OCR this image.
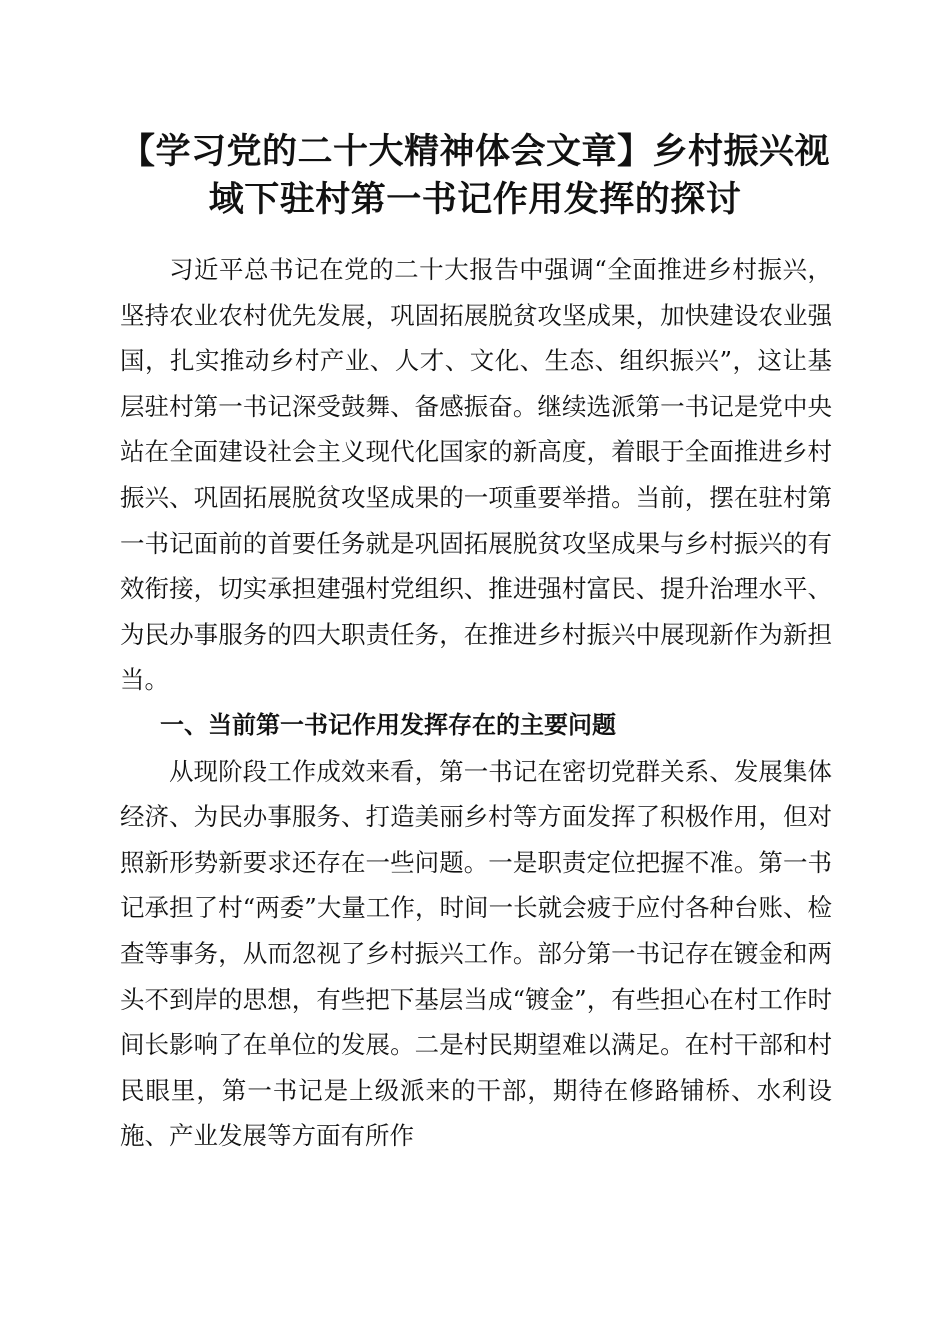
【学习党的二十大精神体会文章】乡村振兴视
域下驻村第一书记作用发挥的探讨

习近平总书记在党的二十大报告中强调“全面推进乡村振兴，坚持农业农村优先发展，巩固拓展脱贫攻坚成果，加快建设农业强国，扎实推动乡村产业、人才、文化、生态、组织振兴”，这让基层驻村第一书记深受鼓舞、备感振奋。继续选派第一书记是党中央站在全面建设社会主义现代化国家的新高度，着眼于全面推进乡村振兴、巩固拓展脱贫攻坚成果的一项重要举措。当前，摆在驻村第一书记面前的首要任务就是巩固拓展脱贫攻坚成果与乡村振兴的有效衔接，切实承担建强村党组织、推进强村富民、提升治理水平、为民办事服务的四大职责任务，在推进乡村振兴中展现新作为新担当。

一、当前第一书记作用发挥存在的主要问题

从现阶段工作成效来看，第一书记在密切党群关系、发展集体经济、为民办事服务、打造美丽乡村等方面发挥了积极作用，但对照新形势新要求还存在一些问题。一是职责定位把握不准。第一书记承担了村“两委”大量工作，时间一长就会疲于应付各种台账、检查等事务，从而忽视了乡村振兴工作。部分第一书记存在镀金和两头不到岸的思想，有些把下基层当成“镀金”，有些担心在村工作时间长影响了在单位的发展。二是村民期望难以满足。在村干部和村民眼里，第一书记是上级派来的干部，期待在修路铺桥、水利设施、产业发展等方面有所作
